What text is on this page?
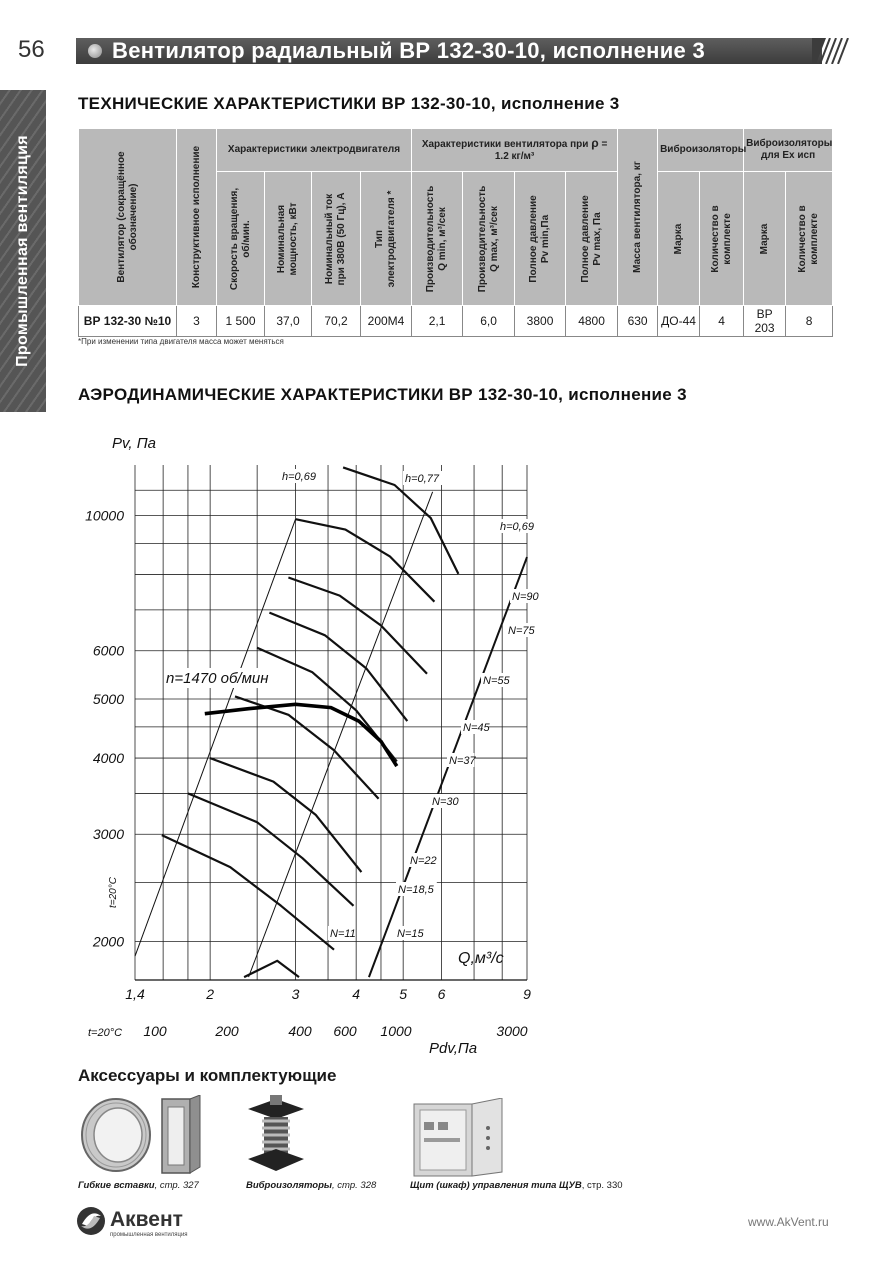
56	Вентилятор радиальный ВР 132-30-10, исполнение 3
Промышленная вентиляция
ТЕХНИЧЕСКИЕ ХАРАКТЕРИСТИКИ ВР 132-30-10, исполнение 3
Вентилятор (сокращённое обозначение)	Конструктивное исполнение	Характеристики электродвигателя				Характеристики вентилятора при ρ =
1.2 кг/м³				Масса вентилятора, кг	Виброизоляторы		Виброизоляторы для Ex исп	

		Скорость вращения, об/мин.	Номинальная мощность, кВт	Номинальный ток при 380В (50 Гц), А	Тип электродвигателя *	Производительность Q min, м³/сек	Производительность Q max, м³/сек	Полное давление Pv min,Па	Полное давление Pv max, Па		Марка	Количество в комплекте	Марка	Количество в комплекте

ВР 132-30 №10	3	1 500	37,0	70,2	200М4	2,1	6,0	3800	4800	630	ДО-44	4	ВР 203	8
*При изменении типа двигателя масса может меняться
АЭРОДИНАМИЧЕСКИЕ ХАРАКТЕРИСТИКИ ВР 132-30-10, исполнение 3
h=0,69	h=0,77
h=0,69
N=90
N=75
N=55
N=45
N=37
N=30
N=22
N=18,5
N=15
N=11
n=1470 об/мин
2000
3000
4000
5000
6000
10000
1,4	2	3	4	5 6	9
100	200	400 600 1000	3000
t=20°C
Pdv,Па
Pv, Па
Q,м³/с
t=20°C
Аксессуары и комплектующие
Гибкие вставки, стр. 327	Виброизоляторы, стр. 328	Щит (шкаф) управления типа ЩУВ, стр. 330
Аквент
промышленная вентиляция
www.AkVent.ru
